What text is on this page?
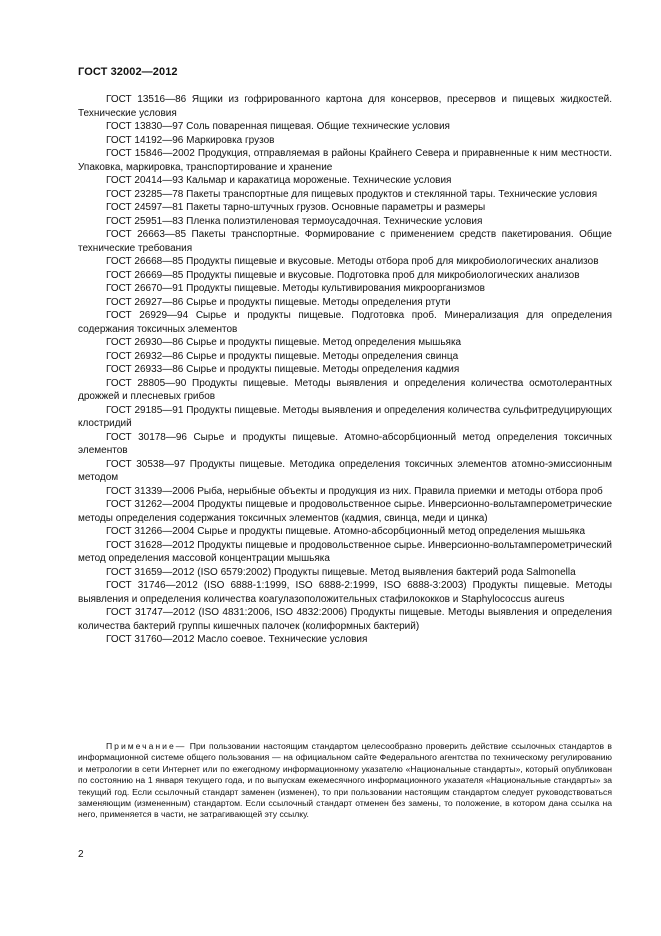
ГОСТ 32002—2012
ГОСТ 13516—86 Ящики из гофрированного картона для консервов, пресервов и пищевых жидкостей. Технические условия
ГОСТ 13830—97 Соль поваренная пищевая. Общие технические условия
ГОСТ 14192—96 Маркировка грузов
ГОСТ 15846—2002 Продукция, отправляемая в районы Крайнего Севера и приравненные к ним местности. Упаковка, маркировка, транспортирование и хранение
ГОСТ 20414—93 Кальмар и каракатица мороженые. Технические условия
ГОСТ 23285—78 Пакеты транспортные для пищевых продуктов и стеклянной тары. Технические условия
ГОСТ 24597—81 Пакеты тарно-штучных грузов. Основные параметры и размеры
ГОСТ 25951—83 Пленка полиэтиленовая термоусадочная. Технические условия
ГОСТ 26663—85 Пакеты транспортные. Формирование с применением средств пакетирования. Общие технические требования
ГОСТ 26668—85 Продукты пищевые и вкусовые. Методы отбора проб для микробиологических анализов
ГОСТ 26669—85 Продукты пищевые и вкусовые. Подготовка проб для микробиологических анализов
ГОСТ 26670—91 Продукты пищевые. Методы культивирования микроорганизмов
ГОСТ 26927—86 Сырье и продукты пищевые. Методы определения ртути
ГОСТ 26929—94 Сырье и продукты пищевые. Подготовка проб. Минерализация для определения содержания токсичных элементов
ГОСТ 26930—86 Сырье и продукты пищевые. Метод определения мышьяка
ГОСТ 26932—86 Сырье и продукты пищевые. Методы определения свинца
ГОСТ 26933—86 Сырье и продукты пищевые. Методы определения кадмия
ГОСТ 28805—90 Продукты пищевые. Методы выявления и определения количества осмотолерантных дрожжей и плесневых грибов
ГОСТ 29185—91 Продукты пищевые. Методы выявления и определения количества сульфитредуцирующих клостридий
ГОСТ 30178—96 Сырье и продукты пищевые. Атомно-абсорбционный метод определения токсичных элементов
ГОСТ 30538—97 Продукты пищевые. Методика определения токсичных элементов атомно-эмиссионным методом
ГОСТ 31339—2006 Рыба, нерыбные объекты и продукция из них. Правила приемки и методы отбора проб
ГОСТ 31262—2004 Продукты пищевые и продовольственное сырье. Инверсионно-вольтамперометрические методы определения содержания токсичных элементов (кадмия, свинца, меди и цинка)
ГОСТ 31266—2004 Сырье и продукты пищевые. Атомно-абсорбционный метод определения мышьяка
ГОСТ 31628—2012 Продукты пищевые и продовольственное сырье. Инверсионно-вольтамперометрический метод определения массовой концентрации мышьяка
ГОСТ 31659—2012 (ISO 6579:2002) Продукты пищевые. Метод выявления бактерий рода Salmonella
ГОСТ 31746—2012 (ISO 6888-1:1999, ISO 6888-2:1999, ISO 6888-3:2003) Продукты пищевые. Методы выявления и определения количества коагулазоположительных стафилококков и Staphylococcus aureus
ГОСТ 31747—2012 (ISO 4831:2006, ISO 4832:2006) Продукты пищевые. Методы выявления и определения количества бактерий группы кишечных палочек (колиформных бактерий)
ГОСТ 31760—2012 Масло соевое. Технические условия
Примечание— При пользовании настоящим стандартом целесообразно проверить действие ссылочных стандартов в информационной системе общего пользования — на официальном сайте Федерального агентства по техническому регулированию и метрологии в сети Интернет или по ежегодному информационному указателю «Национальные стандарты», который опубликован по состоянию на 1 января текущего года, и по выпускам ежемесячного информационного указателя «Национальные стандарты» за текущий год. Если ссылочный стандарт заменен (изменен), то при пользовании настоящим стандартом следует руководствоваться заменяющим (измененным) стандартом. Если ссылочный стандарт отменен без замены, то положение, в котором дана ссылка на него, применяется в части, не затрагивающей эту ссылку.
2
